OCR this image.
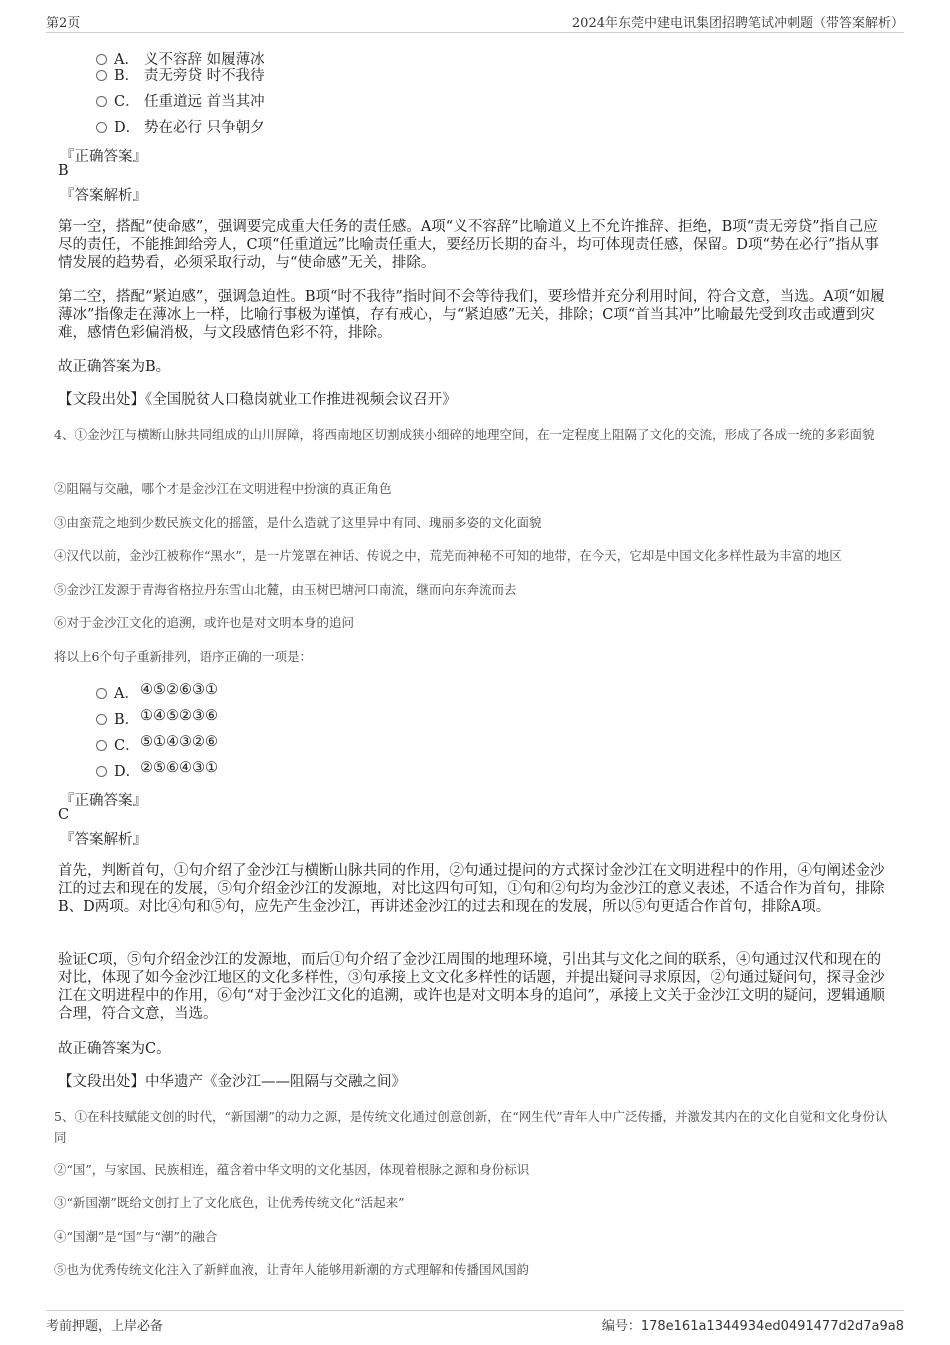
第2页	2024年东莞中建电讯集团招聘笔试冲刺题（带答案解析）
A． 义不容辞 如履薄冰
B． 责无旁贷 时不我待
C． 任重道远 首当其冲
D． 势在必行 只争朝夕
『正确答案』
B
『答案解析』
第一空，搭配“使命感”，强调要完成重大任务的责任感。A项“义不容辞”比喻道义上不允许推辞、拒绝，B项“责无旁贷”指自己应尽的责任，不能推卸给旁人，C项“任重道远”比喻责任重大，要经历长期的奋斗，均可体现责任感，保留。D项“势在必行”指从事情发展的趋势看，必须采取行动，与“使命感”无关，排除。
第二空，搭配“紧迫感”，强调急迫性。B项“时不我待”指时间不会等待我们，要珍惜并充分利用时间，符合文意，当选。A项“如履薄冰”指像走在薄冰上一样，比喻行事极为谨慎，存有戒心，与“紧迫感”无关，排除；C项“首当其冲”比喻最先受到攻击或遭到灾难，感情色彩偏消极，与文段感情色彩不符，排除。
故正确答案为B。
【文段出处】《全国脱贫人口稳岗就业工作推进视频会议召开》
4、①金沙江与横断山脉共同组成的山川屏障，将西南地区切割成狭小细碎的地理空间，在一定程度上阻隔了文化的交流，形成了各成一统的多彩面貌
②阻隔与交融，哪个才是金沙江在文明进程中扮演的真正角色
③由蛮荒之地到少数民族文化的摇篮，是什么造就了这里异中有同、瑰丽多姿的文化面貌
④汉代以前，金沙江被称作“黑水”，是一片笼罩在神话、传说之中，荒芜而神秘不可知的地带，在今天，它却是中国文化多样性最为丰富的地区
⑤金沙江发源于青海省格拉丹东雪山北麓，由玉树巴塘河口南流，继而向东奔流而去
⑥对于金沙江文化的追溯，或许也是对文明本身的追问
将以上6个句子重新排列，语序正确的一项是：
A． ④⑤②⑥③①
B． ①④⑤②③⑥
C． ⑤①④③②⑥
D． ②⑤⑥④③①
『正确答案』
C
『答案解析』
首先，判断首句，①句介绍了金沙江与横断山脉共同的作用，②句通过提问的方式探讨金沙江在文明进程中的作用，④句阐述金沙江的过去和现在的发展，⑤句介绍金沙江的发源地，对比这四句可知，①句和②句均为金沙江的意义表述，不适合作为首句，排除B、D两项。对比④句和⑤句，应先产生金沙江，再讲述金沙江的过去和现在的发展，所以⑤句更适合作首句，排除A项。
验证C项，⑤句介绍金沙江的发源地，而后①句介绍了金沙江周围的地理环境，引出其与文化之间的联系，④句通过汉代和现在的对比，体现了如今金沙江地区的文化多样性，③句承接上文文化多样性的话题，并提出疑问寻求原因，②句通过疑问句，探寻金沙江在文明进程中的作用，⑥句“对于金沙江文化的追溯，或许也是对文明本身的追问”，承接上文关于金沙江文明的疑问，逻辑通顺合理，符合文意，当选。
故正确答案为C。
【文段出处】中华遗产《金沙江——阻隔与交融之间》
5、①在科技赋能文创的时代，“新国潮”的动力之源，是传统文化通过创意创新，在“网生代”青年人中广泛传播，并激发其内在的文化自觉和文化身份认同
②“国”，与家国、民族相连，蕴含着中华文明的文化基因，体现着根脉之源和身份标识
③“新国潮”既给文创打上了文化底色，让优秀传统文化“活起来”
④“国潮”是“国”与“潮”的融合
⑤也为优秀传统文化注入了新鲜血液，让青年人能够用新潮的方式理解和传播国风国韵
考前押题，上岸必备	编号：178e161a1344934ed0491477d2d7a9a8
